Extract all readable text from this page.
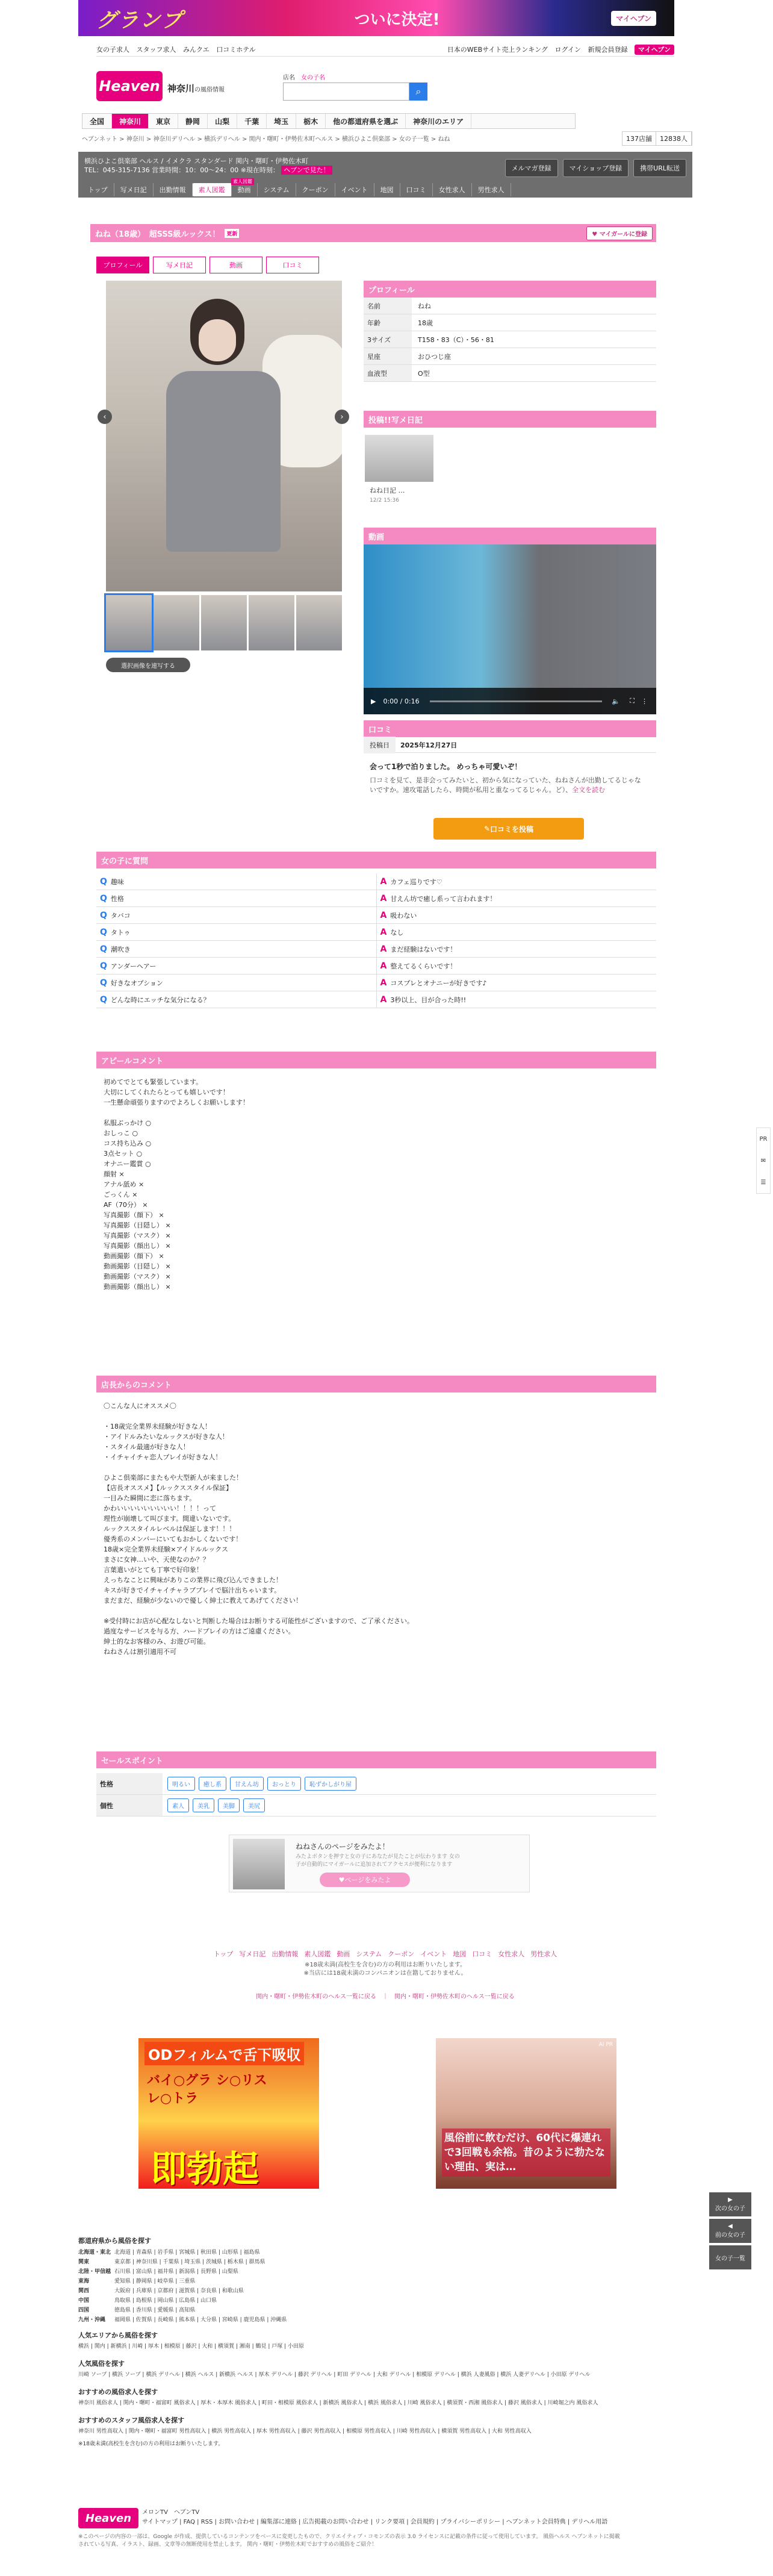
グランプ	ついに決定!	マイヘブン
女の子求人 スタッフ求人 みんクエ 口コミホテル	日本のWEBサイト売上ランキング ログイン 新規会員登録 マイヘブン
Heaven 神奈川の風俗情報
店名 女の子名
⌕
137店舗	12838人
全国	神奈川	東京	静岡	山梨	千葉	埼玉	栃木	他の都道府県を選ぶ	神奈川のエリア
ヘブンネット > 神奈川 > 神奈川デリヘル > 横浜デリヘル > 関内・曙町・伊勢佐木町ヘルス > 横浜ひよこ倶楽部 > 女の子一覧 > ねね
横浜ひよこ倶楽部 ヘルス / イメクラ スタンダード 関内・曙町・伊勢佐木町
TEL：045-315-7136 営業時間：10：00〜24：00 ※現在時刻： ヘブンで見た！	メルマガ登録	マイショップ登録	携帯URL転送
トップ	写メ日記	出勤情報	素人図鑑	動画	システム	クーポン	イベント	地図	口コミ	女性求人	男性求人
素人図鑑
ねね（18歳）　超SSS級ルックス！	更新	♥ マイガールに登録
プロフィール	写メ日記	動画	口コミ
‹	›
選択画像を連写する
プロフィール
名前	ねね
年齢	18歳
3サイズ	T158・83（C）・56・81
星座	おひつじ座
血液型	O型
投稿!!写メ日記
ねね日記 …
12/2 15:36
動画
▶ 0:00 / 0:16	🔈 ⛶ ⋮
口コミ
投稿日	2025年12月27日
会って1秒で泊りました。 めっちゃ可愛いぞ！
口コミを見て、是非会ってみたいと、初から気になっていた、ねねさんが出勤してるじゃないですか。速攻電話したら、時間が私用と重なってるじゃん。ど）、全文を読む
✎ 口コミを投稿
女の子に質問
Q 趣味	A カフェ巡りです♡
Q 性格	A 甘えん坊で癒し系って言われます！
Q タバコ	A 吸わない
Q タトゥ	A なし
Q 潮吹き	A まだ経験はないです！
Q アンダーヘアー	A 整えてるくらいです！
Q 好きなオプション	A コスプレとオナニーが好きです♪
Q どんな時にエッチな気分になる？	A 3秒以上、目が合った時!!
アピールコメント
初めてでとても緊張しています。
大切にしてくれたらとっても嬉しいです！
一生懸命頑張りますのでよろしくお願いします！
私服ぶっかけ ○
おしっこ ○
コス持ち込み ○
3点セット ○
オナニー鑑賞 ○
顔射 ×
アナル舐め ×
ごっくん ×
AF（70分） ×
写真撮影（顔下） ×
写真撮影（目隠し） ×
写真撮影（マスク） ×
写真撮影（顔出し） ×
動画撮影（顔下） ×
動画撮影（目隠し） ×
動画撮影（マスク） ×
動画撮影（顔出し） ×
店長からのコメント
〇こんな人にオススメ〇
・18歳完全業界未経験が好きな人！
・アイドルみたいなルックスが好きな人！
・スタイル最適が好きな人！
・イチャイチャ恋人プレイが好きな人！
ひよこ倶楽部にまたもや大型新人が来ました！
【店長オススメ】【ルックススタイル保証】
一目みた瞬間に恋に落ちます。
かわいいいいいいいいい！！！！って
理性が崩壊して叫びます。間違いないです。
ルックススタイルレベルは保証します！！！
優秀系のメンバーにいてもおかしくないです！
18歳×完全業界未経験×アイドルルックス
まさに女神…いや、天使なのか？？
言葉遣いがとても丁寧で好印象！
えっちなことに興味がありこの業界に飛び込んできました！
キスが好きでイチャイチャラブプレイで脳汁出ちゃいます。
まだまだ、経験が少ないので優しく紳士に教えてあげてください！
※受付時にお店が心配なしないと判断した場合はお断りする可能性がございますので、ご了承ください。
過度なサービスを与る方、ハードプレイの方はご遠慮ください。
紳士的なお客様のみ、お遊び可能。
ねねさんは割引適用不可
セールスポイント
性格	明るい	癒し系	甘えん坊	おっとり	恥ずかしがり屋
個性	素人	美乳	美脚	美尻
ねねさんのページをみたよ！
みたよボタンを押すと女の子にあなたが見たことが伝わります 女の子が自動的にマイガールに追加されてアクセスが便利になります
♥ ページをみたよ
トップ 写メ日記 出勤情報 素人図鑑 動画 システム クーポン イベント 地図 口コミ 女性求人 男性求人
※18歳未満(高校生を含む)の方の利用はお断りいたします。
※当店には18歳未満のコンパニオンは在籍しておりません。
関内・曙町・伊勢佐木町のヘルス一覧に戻る　｜　関内・曙町・伊勢佐木町のヘルス一覧に戻る
ODフィルムで舌下吸収
バイ○グラ シ○リス レ○トラ
即勃起
AI PR
風俗前に飲むだけ、60代に爆連れで3回戦も余裕。昔のように勃たない理由、実は…
▶
次の女の子
◀
前の女の子
女の子一覧
PR
✉
☰
都道府県から風俗を探す
北海道・東北 北海道 | 青森県 | 岩手県 | 宮城県 | 秋田県 | 山形県 | 福島県
関東	東京都 | 神奈川県 | 千葉県 | 埼玉県 | 茨城県 | 栃木県 | 群馬県
北陸・甲信越 石川県 | 富山県 | 福井県 | 新潟県 | 長野県 | 山梨県
東海	愛知県 | 静岡県 | 岐阜県 | 三重県
関西	大阪府 | 兵庫県 | 京都府 | 滋賀県 | 奈良県 | 和歌山県
中国	鳥取県 | 島根県 | 岡山県 | 広島県 | 山口県
四国	徳島県 | 香川県 | 愛媛県 | 高知県
九州・沖縄	福岡県 | 佐賀県 | 長崎県 | 熊本県 | 大分県 | 宮崎県 | 鹿児島県 | 沖縄県
人気エリアから風俗を探す
横浜 | 関内 | 新横浜 | 川崎 | 厚木 | 相模原 | 藤沢 | 大和 | 横須賀 | 湘南 | 鶴見 | 戸塚 | 小田原
人気風俗を探す
川崎 ソープ | 横浜 ソープ | 横浜 デリヘル | 横浜 ヘルス | 新横浜 ヘルス | 厚木 デリヘル | 藤沢 デリヘル | 町田 デリヘル | 大和 デリヘル | 相模原 デリヘル | 横浜 人妻風俗 | 横浜 人妻デリヘル | 小田原 デリヘル
おすすめの風俗求人を探す
神奈川 風俗求人 | 関内・曙町・福富町 風俗求人 | 厚木・本厚木 風俗求人 | 町田・相模原 風俗求人 | 新横浜 風俗求人 | 横浜 風俗求人 | 川崎 風俗求人 | 横須賀・西湘 風俗求人 | 藤沢 風俗求人 | 川崎堀之内 風俗求人
おすすめのスタッフ風俗求人を探す
神奈川 男性高収入 | 関内・曙町・福富町 男性高収入 | 横浜 男性高収入 | 厚木 男性高収入 | 藤沢 男性高収入 | 相模原 男性高収入 | 川崎 男性高収入 | 横須賀 男性高収入 | 大和 男性高収入
※18歳未満(高校生を含む)の方の利用はお断りいたします。
Heaven	メロンTV　ヘブンTV
サイトマップ | FAQ | RSS | お問い合わせ | 編集部に連絡 | 広告掲載のお問い合わせ | リンク要項 | 会員規約 | プライバシーポリシー | ヘブンネット会員特典 | デリヘル用語
※このページの内容の一部は、Google が作成、提供しているコンテンツをベースに変更したもので、クリエイティブ・コモンズの表示 3.0 ライセンスに記載の条件に従って使用しています。 風俗ヘルス ヘブンネットに掲載されている写真、イラスト、録画、文章等の無断使用を禁止します。 関内・曙町・伊勢佐木町でおすすめの風俗をご紹介！
